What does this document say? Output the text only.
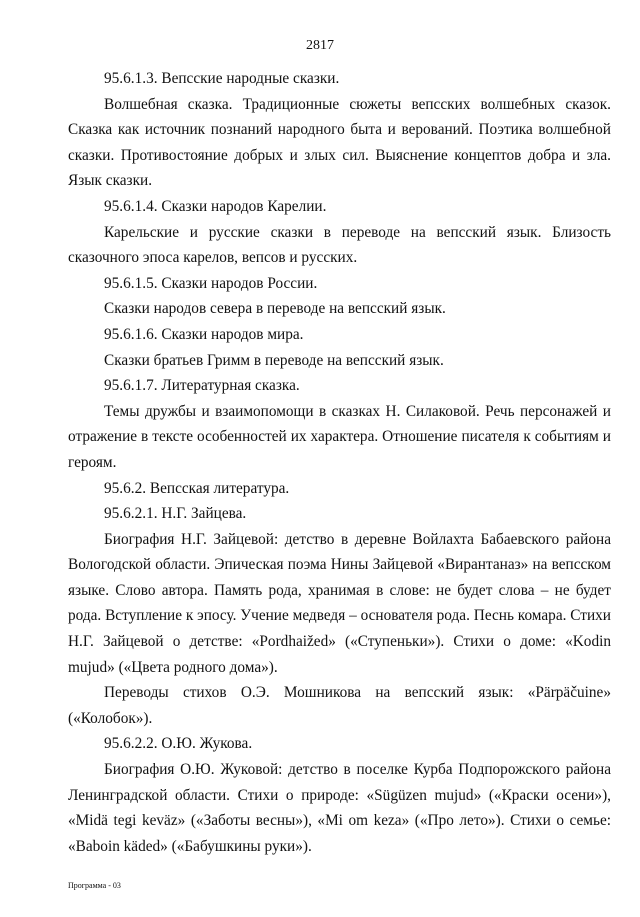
2817

95.6.1.3. Вепсские народные сказки.

Волшебная сказка. Традиционные сюжеты вепсских волшебных сказок. Сказка как источник познаний народного быта и верований. Поэтика волшебной сказки. Противостояние добрых и злых сил. Выяснение концептов добра и зла. Язык сказки.

95.6.1.4. Сказки народов Карелии.

Карельские и русские сказки в переводе на вепсский язык. Близость сказочного эпоса карелов, вепсов и русских.

95.6.1.5. Сказки народов России.

Сказки народов севера в переводе на вепсский язык.

95.6.1.6. Сказки народов мира.

Сказки братьев Гримм в переводе на вепсский язык.

95.6.1.7. Литературная сказка.

Темы дружбы и взаимопомощи в сказках Н. Силаковой. Речь персонажей и отражение в тексте особенностей их характера. Отношение писателя к событиям и героям.

95.6.2. Вепсская литература.

95.6.2.1. Н.Г. Зайцева.

Биография Н.Г. Зайцевой: детство в деревне Войлахта Бабаевского района Вологодской области. Эпическая поэма Нины Зайцевой «Вирантаназ» на вепсском языке. Слово автора. Память рода, хранимая в слове: не будет слова – не будет рода. Вступление к эпосу. Учение медведя – основателя рода. Песнь комара. Стихи Н.Г. Зайцевой о детстве: «Pordhaižed» («Ступеньки»). Стихи о доме: «Kodin mujud» («Цвета родного дома»).

Переводы стихов О.Э. Мошникова на вепсский язык: «Pärpäčuine» («Колобок»).

95.6.2.2. О.Ю. Жукова.

Биография О.Ю. Жуковой: детство в поселке Курба Подпорожского района Ленинградской области. Стихи о природе: «Sügüzen mujud» («Краски осени»), «Midä tegi keväz» («Заботы весны»), «Mi om keza» («Про лето»). Стихи о семье: «Baboin käded» («Бабушкины руки»).

Программа - 03
